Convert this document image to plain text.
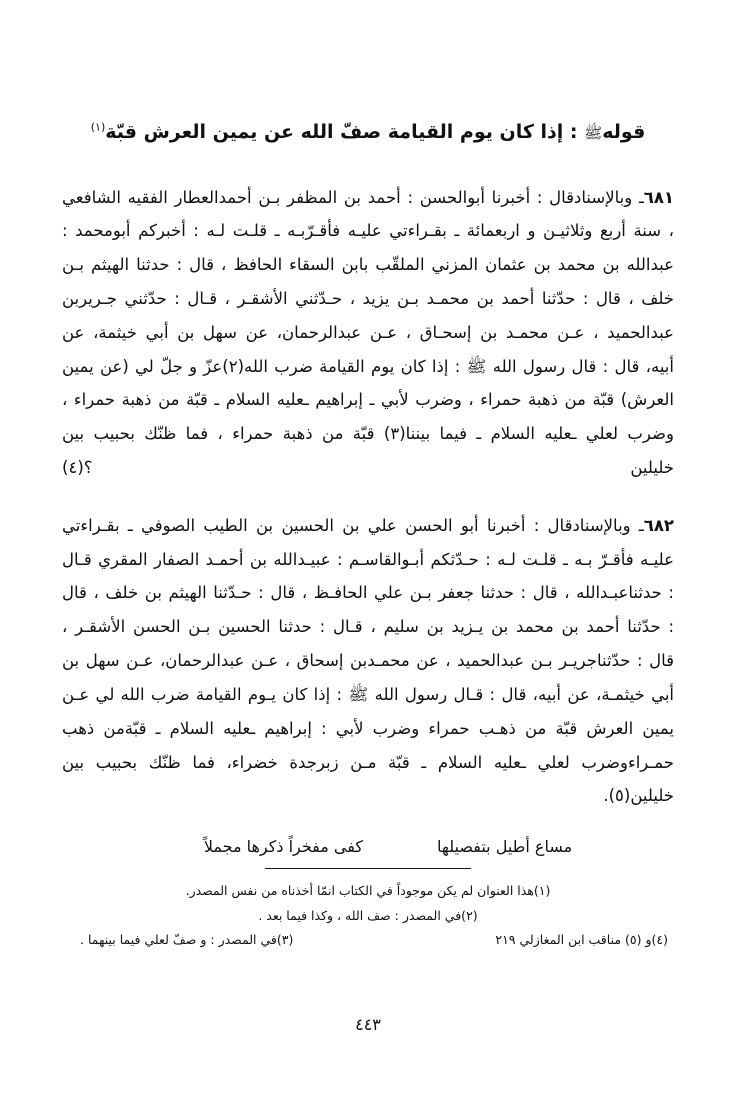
قولهﷺ : إذا كان يوم القيامة صفّ الله عن يمين العرش قبّة$^{(١)}$

٦٨١ـ وبالإسنادقال : أخبرنا أبوالحسن : أحمد بن المظفر بـن أحمدالعطار الفقيه الشافعي ، سنة أربع وثلاثيـن و اربعمائة ـ بقـراءتي عليـه فأقـرّبـه ـ قلـت لـه : أخبركم أبومحمد : عبدالله بن محمد بن عثمان المزني الملقّب بابن السقاء الحافظ ، قال : حدثنا الهيثم بـن خلف ، قال : حدّثنا أحمد بن محمـد بـن يزيد ، حـدّثني الأشقـر ، قـال : حدّثني جـريربن عبدالحميد ، عـن محمـد بن إسحـاق ، عـن عبدالرحمان، عن سهل بن أبي خيثمة، عن أبيه، قال : قال رسول الله ﷺ : إذا كان يوم القيامة ضرب الله(٢)عزّ و جلّ لي (عن يمين العرش) قبّة من ذهبة حمراء ، وضرب لأبي ـ إبراهيم ـعليه السلام ـ قبّة من ذهبة حمراء ، وضرب لعلي ـعليه السلام ـ فيما بيننا(٣) قبّة من ذهبة حمراء ، فما ظنّك بحبيب بين خليلين ؟(٤)

٦٨٢ـ وبالإسنادقال : أخبرنا أبو الحسن علي بن الحسين بن الطيب الصوفي ـ بقـراءتي عليـه فأقـرّ بـه ـ قلـت لـه : حـدّثكم أبـوالقاسـم : عبيـدالله بن أحمـد الصفار المقري قـال : حدثناعبـدالله ، قال : حدثنا جعفر بـن علي الحافـظ ، قال : حـدّثنا الهيثم بن خلف ، قال : حدّثنا أحمد بن محمد بن يـزيد بن سليم ، قـال : حدثنا الحسين بـن الحسن الأشقـر ، قال : حدّثناجريـر بـن عبدالحميد ، عن محمـدبن إسحاق ، عـن عبدالرحمان، عـن سهل بن أبي خيثمـة، عن أبيه، قال : قـال رسول الله ﷺ : إذا كان يـوم القيامة ضرب الله لي عـن يمين العرش قبّة من ذهـب حمراء وضرب لأبي : إبراهيم ـعليه السلام ـ قبّةمن ذهب حمـراءوضرب لعلي ـعليه السلام ـ قبّة مـن زبرجدة خضراء، فما ظنّك بحبيب بين خليلين(٥).

مساع أطيل بتفصيلها
كفى مفخراً ذكرها مجملاً
(١)هذا العنوان لم يكن موجوداً في الكتاب انمّا أخذناه من نفس المصدر.
(٢)في المصدر : صف الله ، وكذا فيما بعد .
(٤)و (٥) مناقب ابن المغازلي ٢١٩
(٣)في المصدر : و صفّ لعلي فيما بينهما .
٤٤٣
